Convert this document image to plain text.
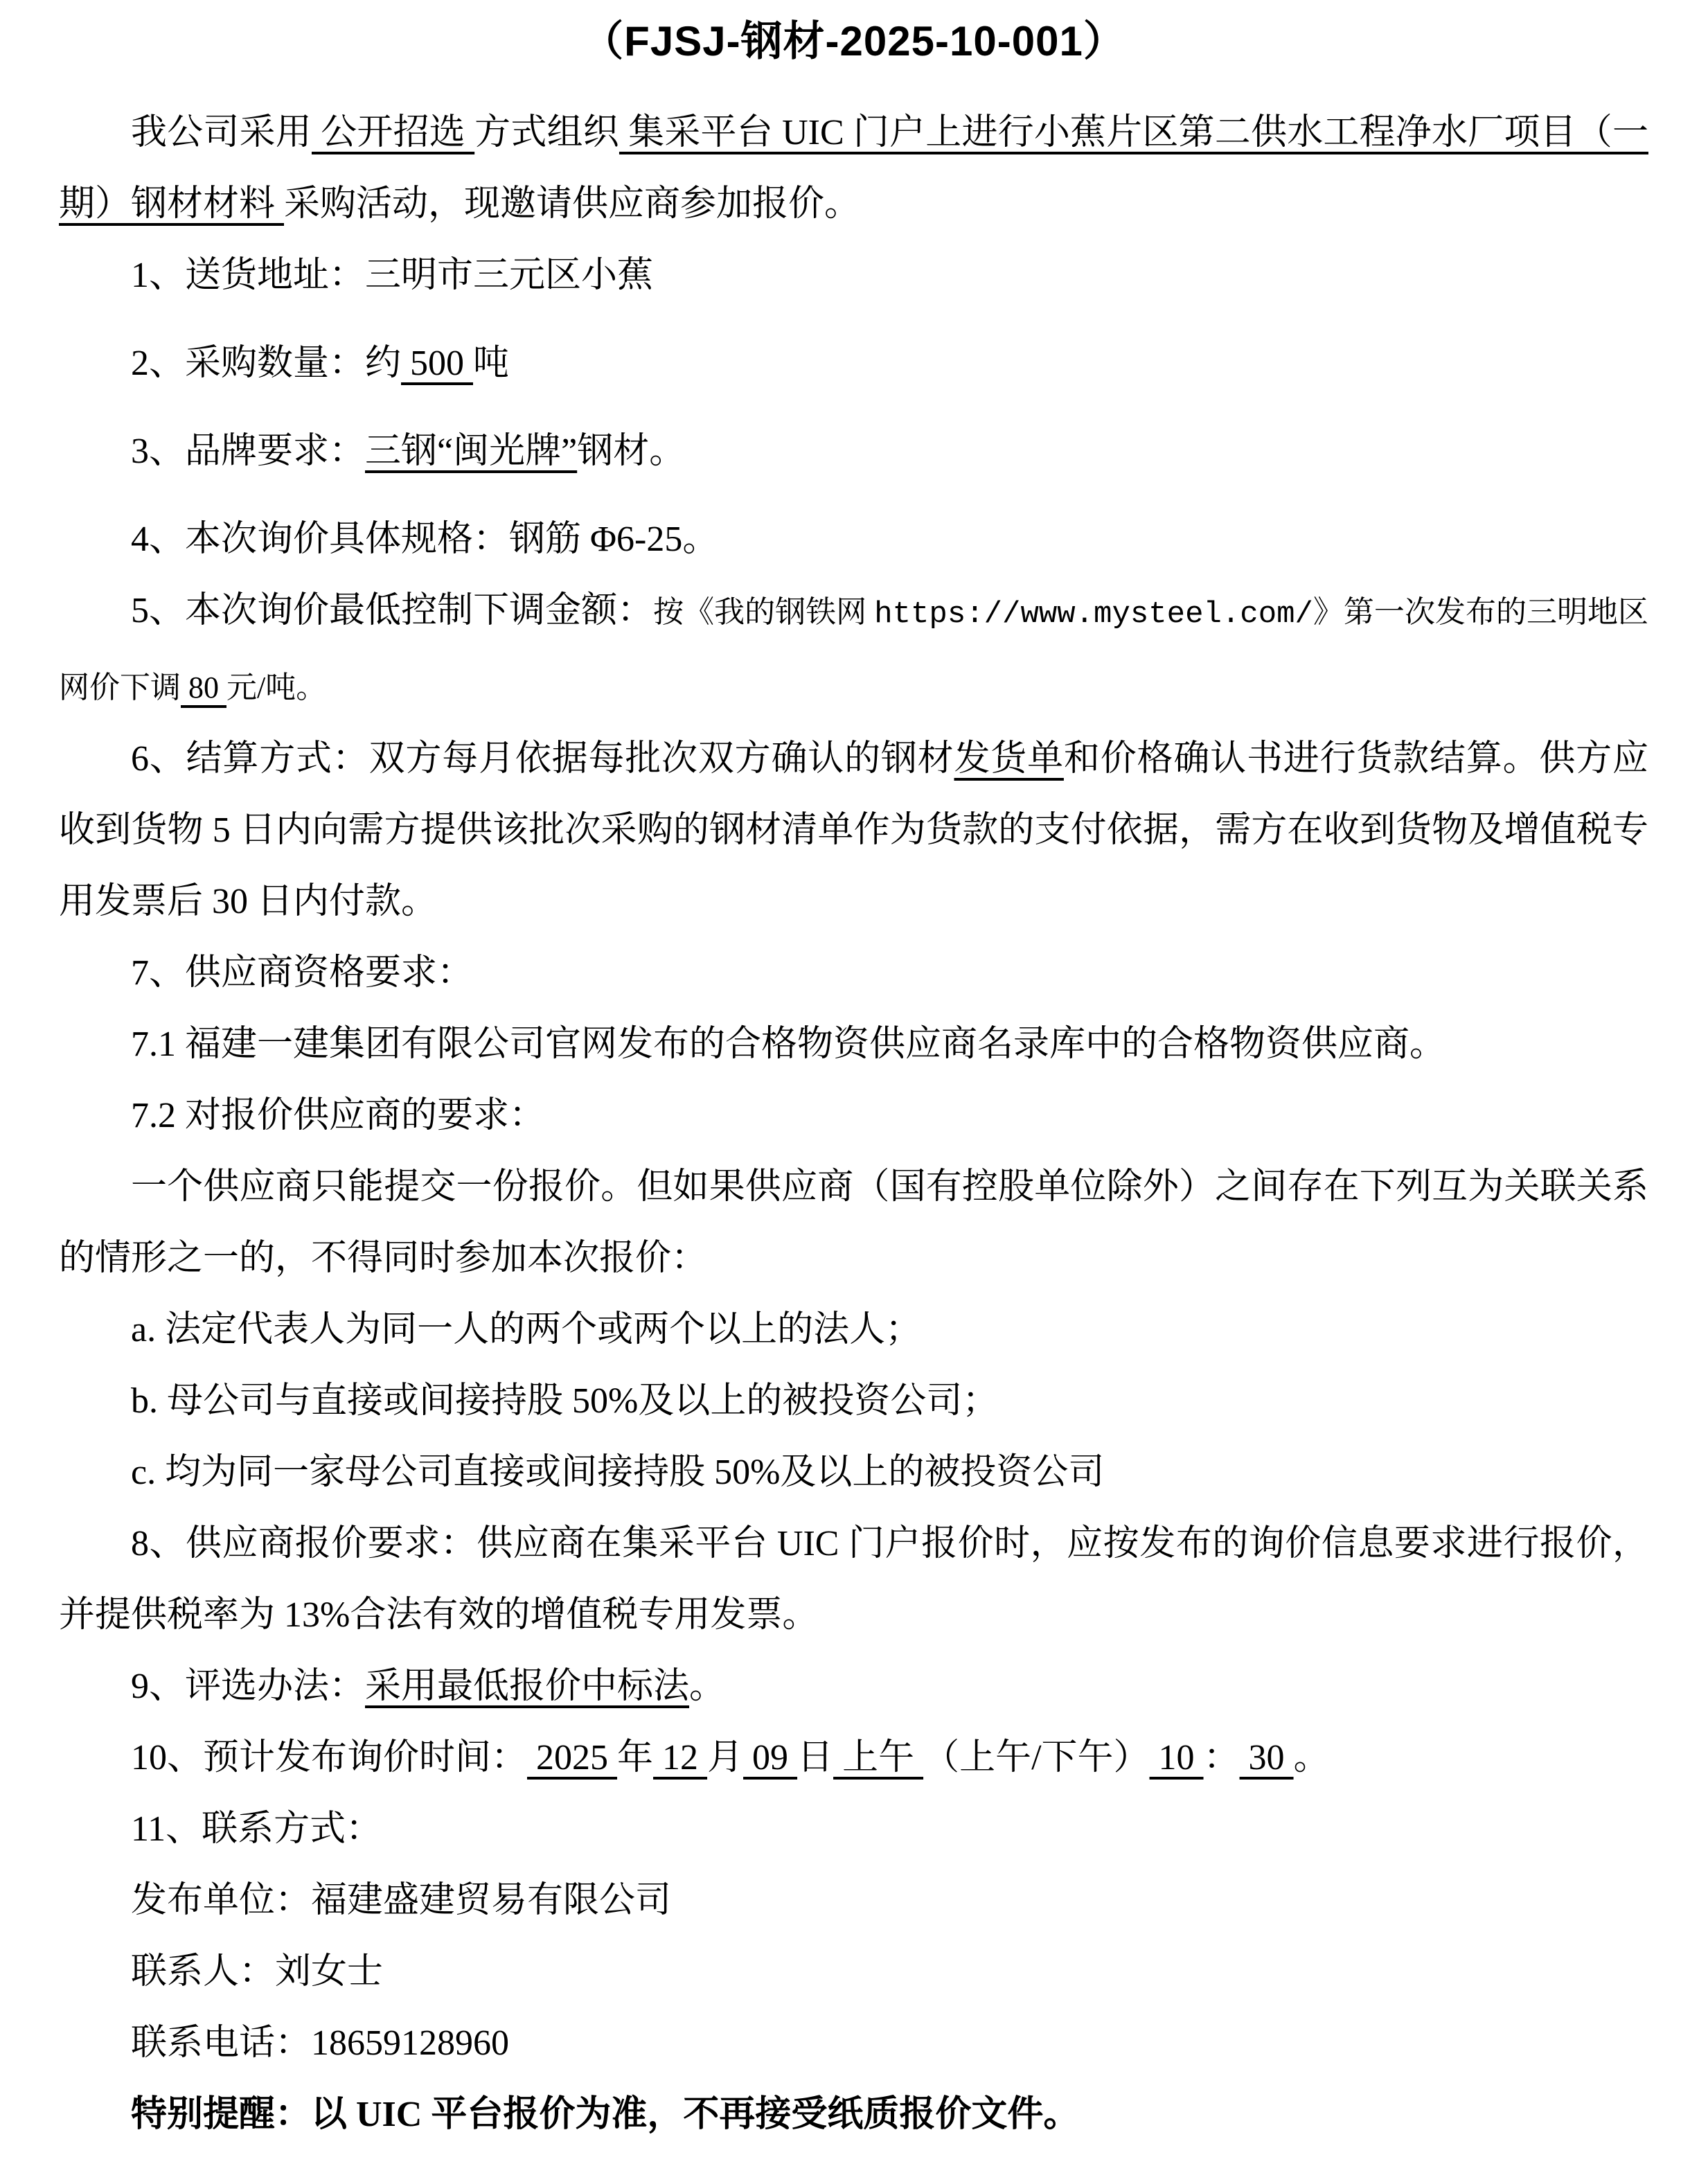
（FJSJ-钢材-2025-10-001）

我公司采用 公开招选 方式组织 集采平台 UIC 门户上进行小蕉片区第二供水工程净水厂项目（一期）钢材材料 采购活动，现邀请供应商参加报价。

1、送货地址：三明市三元区小蕉

2、采购数量：约 500 吨

3、品牌要求：三钢“闽光牌”钢材。

4、本次询价具体规格：钢筋 Φ6-25。

5、本次询价最低控制下调金额：按《我的钢铁网 https://www.mysteel.com/》第一次发布的三明地区网价下调 80 元/吨。

6、结算方式：双方每月依据每批次双方确认的钢材发货单和价格确认书进行货款结算。供方应收到货物 5 日内向需方提供该批次采购的钢材清单作为货款的支付依据，需方在收到货物及增值税专用发票后 30 日内付款。

7、供应商资格要求：

7.1 福建一建集团有限公司官网发布的合格物资供应商名录库中的合格物资供应商。

7.2 对报价供应商的要求：

一个供应商只能提交一份报价。但如果供应商（国有控股单位除外）之间存在下列互为关联关系的情形之一的，不得同时参加本次报价：

a. 法定代表人为同一人的两个或两个以上的法人；

b. 母公司与直接或间接持股 50%及以上的被投资公司；

c. 均为同一家母公司直接或间接持股 50%及以上的被投资公司

8、供应商报价要求：供应商在集采平台 UIC 门户报价时，应按发布的询价信息要求进行报价，并提供税率为 13%合法有效的增值税专用发票。

9、评选办法：采用最低报价中标法。

10、预计发布询价时间： 2025 年 12 月 09 日 上午 （上午/下午） 10 ： 30 。

11、联系方式：

发布单位：福建盛建贸易有限公司

联系人：刘女士

联系电话：18659128960

特别提醒：以 UIC 平台报价为准，不再接受纸质报价文件。
